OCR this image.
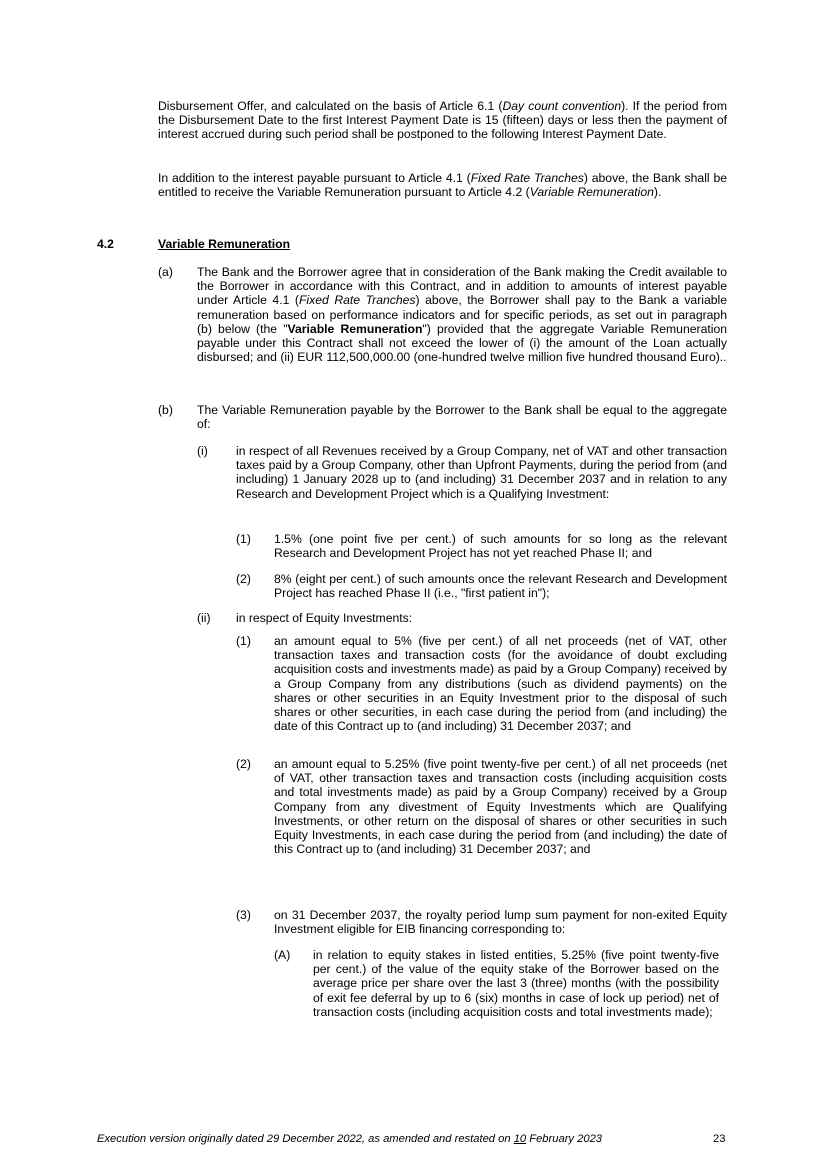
Disbursement Offer, and calculated on the basis of Article 6.1 (Day count convention). If the period from the Disbursement Date to the first Interest Payment Date is 15 (fifteen) days or less then the payment of interest accrued during such period shall be postponed to the following Interest Payment Date.
In addition to the interest payable pursuant to Article 4.1 (Fixed Rate Tranches) above, the Bank shall be entitled to receive the Variable Remuneration pursuant to Article 4.2 (Variable Remuneration).
4.2	Variable Remuneration
(a) The Bank and the Borrower agree that in consideration of the Bank making the Credit available to the Borrower in accordance with this Contract, and in addition to amounts of interest payable under Article 4.1 (Fixed Rate Tranches) above, the Borrower shall pay to the Bank a variable remuneration based on performance indicators and for specific periods, as set out in paragraph (b) below (the "Variable Remuneration") provided that the aggregate Variable Remuneration payable under this Contract shall not exceed the lower of (i) the amount of the Loan actually disbursed; and (ii) EUR 112,500,000.00 (one-hundred twelve million five hundred thousand Euro)..
(b) The Variable Remuneration payable by the Borrower to the Bank shall be equal to the aggregate of:
(i) in respect of all Revenues received by a Group Company, net of VAT and other transaction taxes paid by a Group Company, other than Upfront Payments, during the period from (and including) 1 January 2028 up to (and including) 31 December 2037 and in relation to any Research and Development Project which is a Qualifying Investment:
(1) 1.5% (one point five per cent.) of such amounts for so long as the relevant Research and Development Project has not yet reached Phase II; and
(2) 8% (eight per cent.) of such amounts once the relevant Research and Development Project has reached Phase II (i.e., "first patient in");
(ii) in respect of Equity Investments:
(1) an amount equal to 5% (five per cent.) of all net proceeds (net of VAT, other transaction taxes and transaction costs (for the avoidance of doubt excluding acquisition costs and investments made) as paid by a Group Company) received by a Group Company from any distributions (such as dividend payments) on the shares or other securities in an Equity Investment prior to the disposal of such shares or other securities, in each case during the period from (and including) the date of this Contract up to (and including) 31 December 2037; and
(2) an amount equal to 5.25% (five point twenty-five per cent.) of all net proceeds (net of VAT, other transaction taxes and transaction costs (including acquisition costs and total investments made) as paid by a Group Company) received by a Group Company from any divestment of Equity Investments which are Qualifying Investments, or other return on the disposal of shares or other securities in such Equity Investments, in each case during the period from (and including) the date of this Contract up to (and including) 31 December 2037; and
(3) on 31 December 2037, the royalty period lump sum payment for non-exited Equity Investment eligible for EIB financing corresponding to:
(A) in relation to equity stakes in listed entities, 5.25% (five point twenty-five per cent.) of the value of the equity stake of the Borrower based on the average price per share over the last 3 (three) months (with the possibility of exit fee deferral by up to 6 (six) months in case of lock up period) net of transaction costs (including acquisition costs and total investments made);
Execution version originally dated 29 December 2022, as amended and restated on 10 February 2023	23
